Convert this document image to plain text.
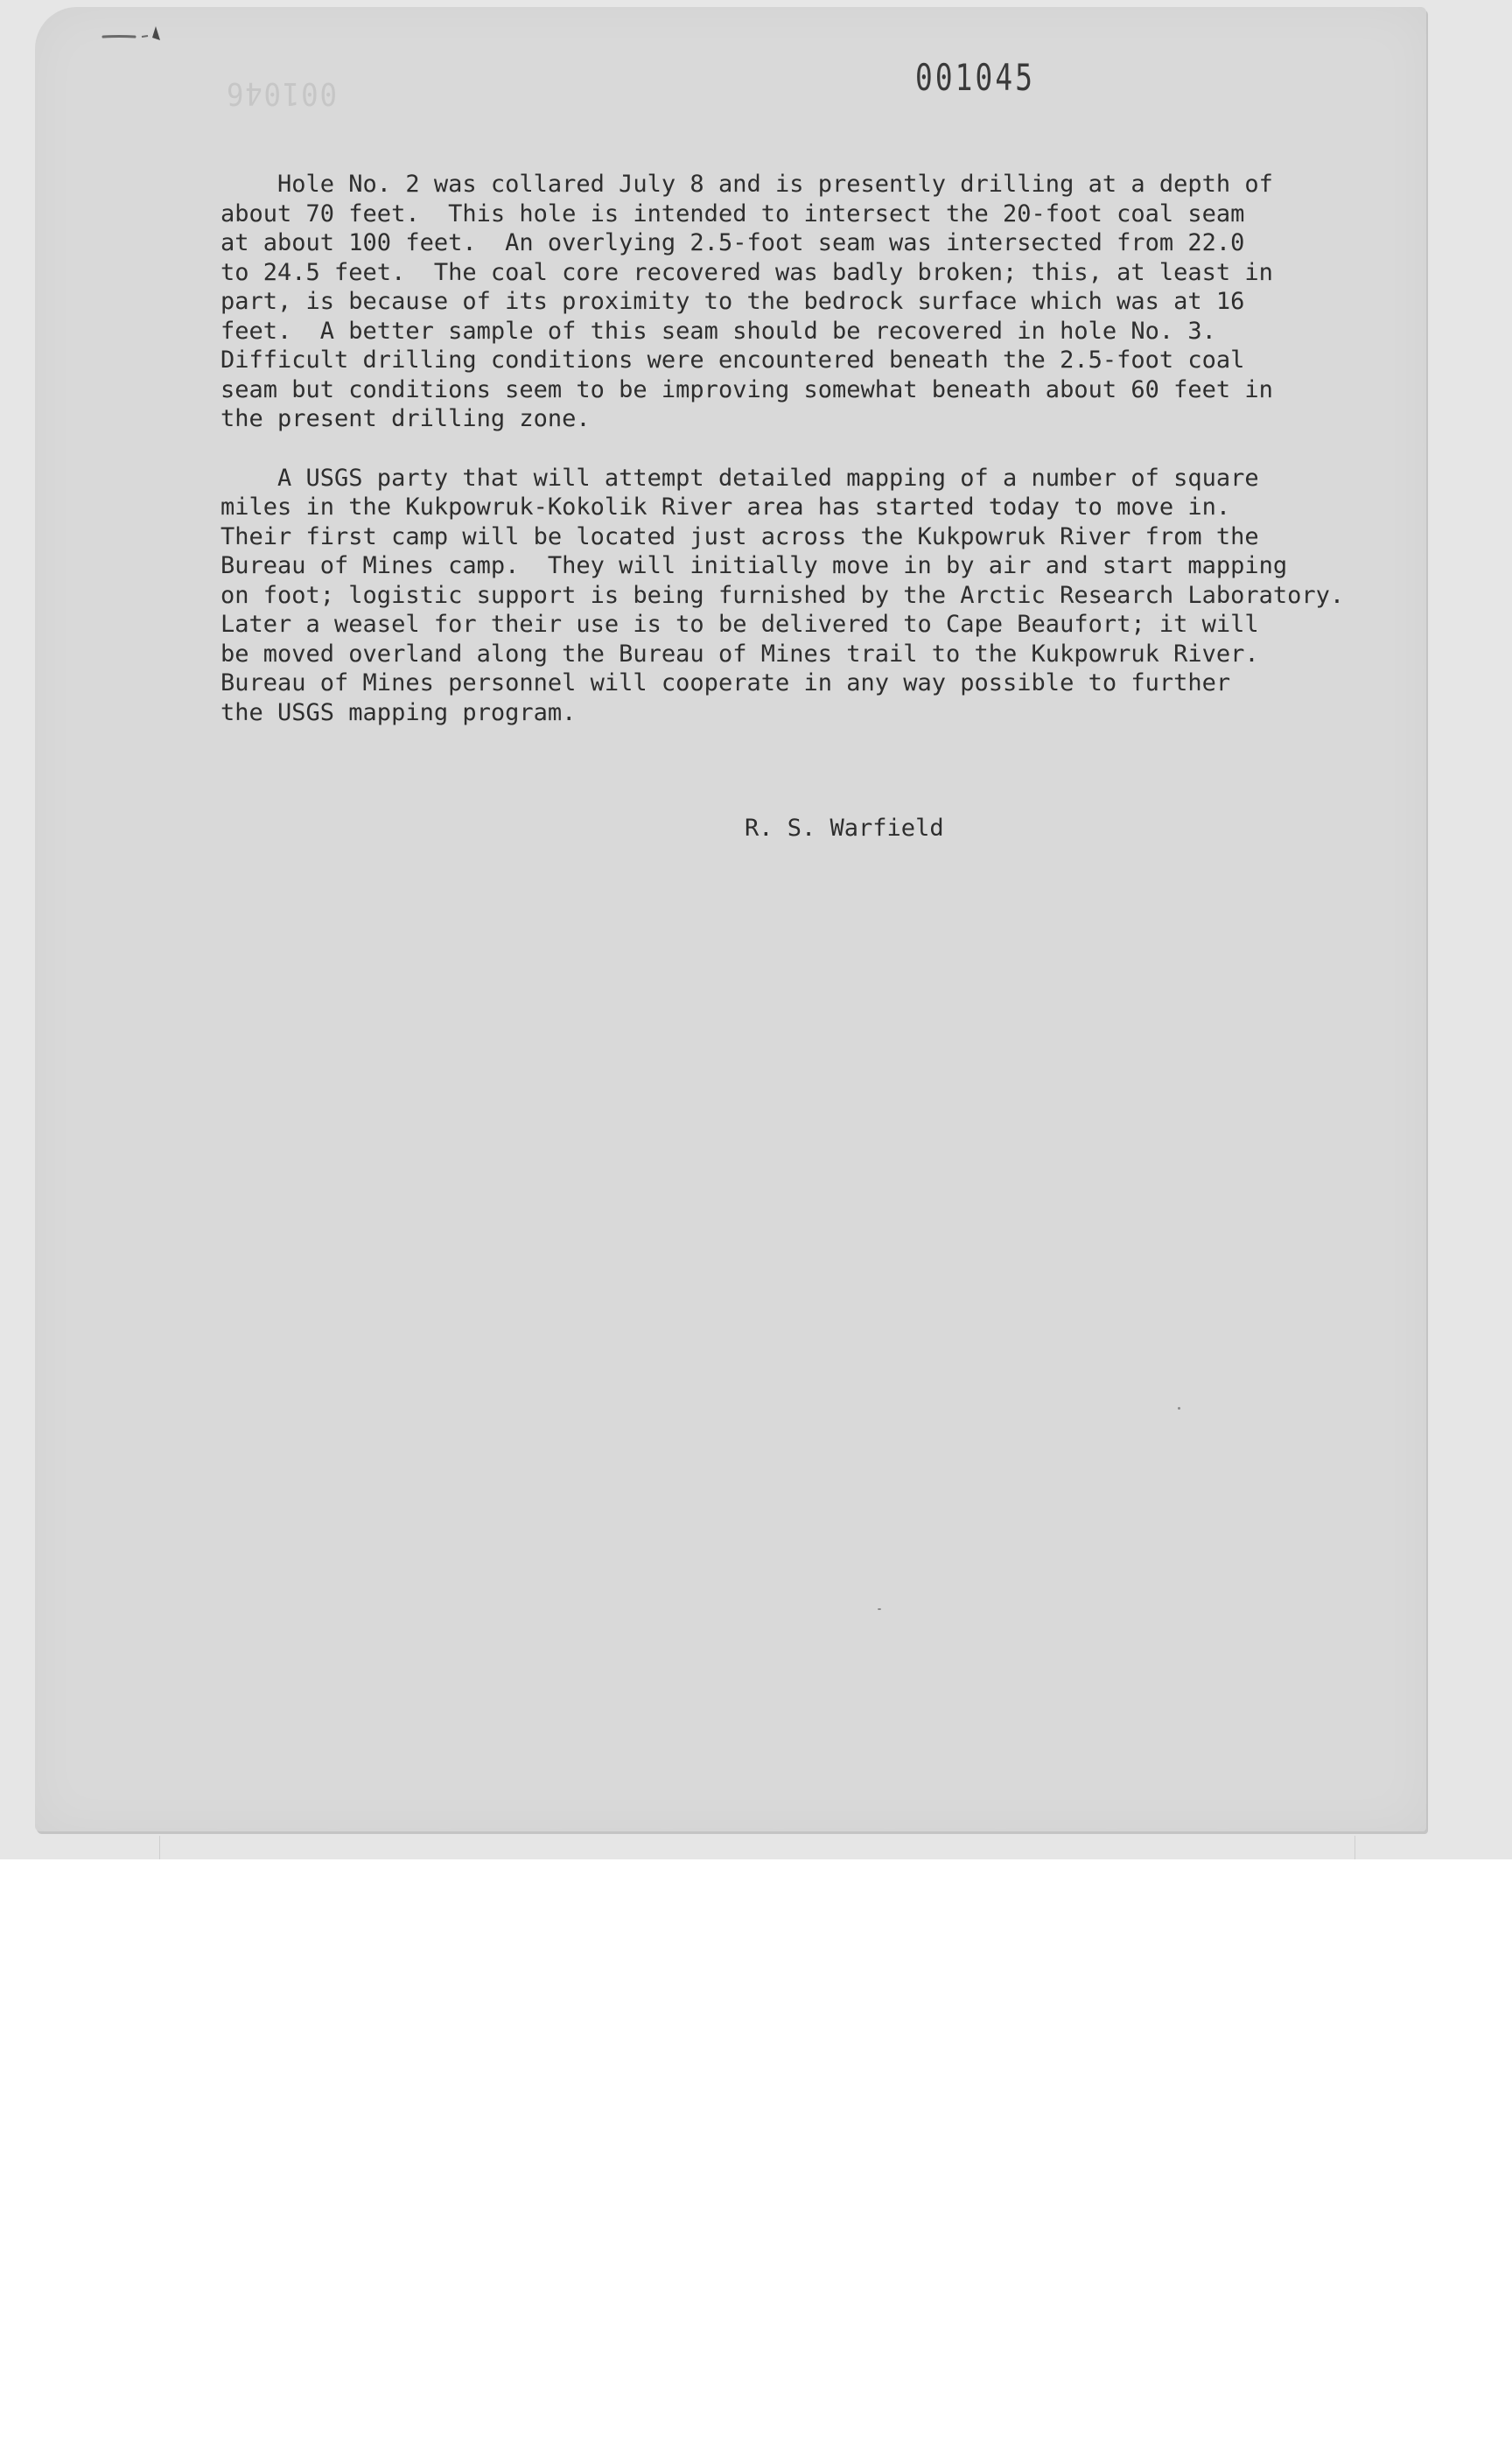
001046	001045

Hole No. 2 was collared July 8 and is presently drilling at a depth of
about 70 feet.  This hole is intended to intersect the 20-foot coal seam
at about 100 feet.  An overlying 2.5-foot seam was intersected from 22.0
to 24.5 feet.  The coal core recovered was badly broken; this, at least in
part, is because of its proximity to the bedrock surface which was at 16
feet.  A better sample of this seam should be recovered in hole No. 3.
Difficult drilling conditions were encountered beneath the 2.5-foot coal
seam but conditions seem to be improving somewhat beneath about 60 feet in
the present drilling zone.

A USGS party that will attempt detailed mapping of a number of square
miles in the Kukpowruk-Kokolik River area has started today to move in.
Their first camp will be located just across the Kukpowruk River from the
Bureau of Mines camp.  They will initially move in by air and start mapping
on foot; logistic support is being furnished by the Arctic Research Laboratory.
Later a weasel for their use is to be delivered to Cape Beaufort; it will
be moved overland along the Bureau of Mines trail to the Kukpowruk River.
Bureau of Mines personnel will cooperate in any way possible to further
the USGS mapping program.

R. S. Warfield
